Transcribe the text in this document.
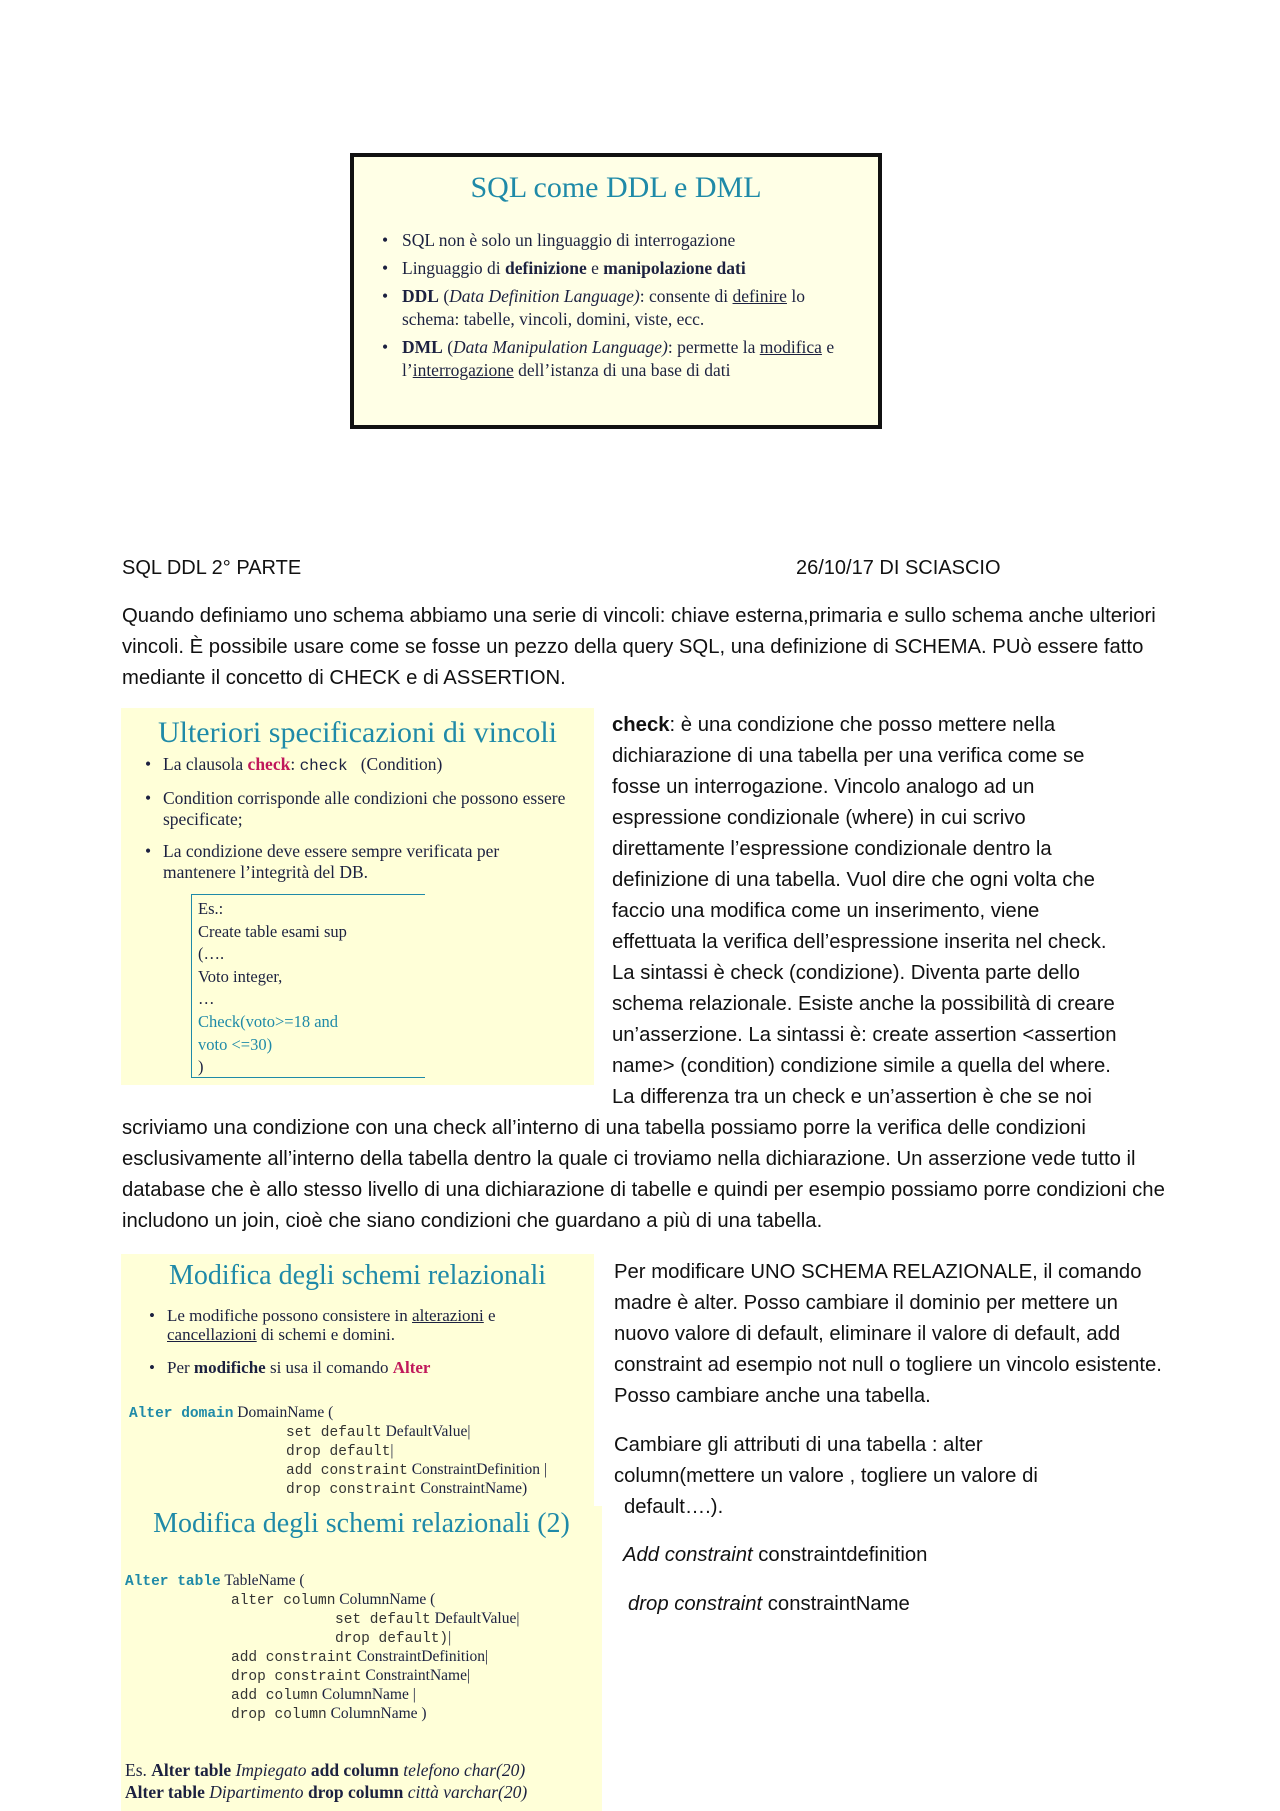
SQL come DDL e DML
• SQL non è solo un linguaggio di interrogazione
• Linguaggio di definizione e manipolazione dati
• DDL (Data Definition Language): consente di definire lo schema: tabelle, vincoli, domini, viste, ecc.
• DML (Data Manipulation Language): permette la modifica e l’interrogazione dell’istanza di una base di dati
SQL DDL 2° PARTE	26/10/17 DI SCIASCIO
Quando definiamo uno schema abbiamo una serie di vincoli: chiave esterna,primaria e sullo schema anche ulteriori vincoli. È possibile usare come se fosse un pezzo della query SQL, una definizione di SCHEMA. PUò essere fatto mediante il concetto di CHECK e di ASSERTION.
Ulteriori specificazioni di vincoli
• La clausola check: check   (Condition)
• Condition corrisponde alle condizioni che possono essere specificate;
• La condizione deve essere sempre verificata per mantenere l’integrità del DB.
Es.:
Create table esami sup
(….
Voto integer,
…
Check(voto>=18 and
voto <=30)
)
check: è una condizione che posso mettere nella
dichiarazione di una tabella per una verifica come se
fosse un interrogazione. Vincolo analogo ad un
espressione condizionale (where) in cui scrivo
direttamente l’espressione condizionale dentro la
definizione di una tabella. Vuol dire che ogni volta che
faccio una modifica come un inserimento, viene
effettuata la verifica dell’espressione inserita nel check.
La sintassi è check (condizione). Diventa parte dello
schema relazionale. Esiste anche la possibilità di creare
un’asserzione. La sintassi è: create assertion <assertion
name> (condition) condizione simile a quella del where.
La differenza tra un check e un’assertion è che se noi
scriviamo una condizione con una check all’interno di una tabella possiamo porre la verifica delle condizioni esclusivamente all’interno della tabella dentro la quale ci troviamo nella dichiarazione. Un asserzione vede tutto il database che è allo stesso livello di una dichiarazione di tabelle e quindi per esempio possiamo porre condizioni che includono un join, cioè che siano condizioni che guardano a più di una tabella.
Modifica degli schemi relazionali
• Le modifiche possono consistere in alterazioni e cancellazioni di schemi e domini.
• Per modifiche si usa il comando Alter
Alter domain DomainName (
set default DefaultValue|
drop default|
add constraint ConstraintDefinition |
drop constraint ConstraintName)
Modifica degli schemi relazionali (2)
Alter table TableName (
alter column ColumnName (
set default DefaultValue|
drop default)|
add constraint ConstraintDefinition|
drop constraint ConstraintName|
add column ColumnName |
drop column ColumnName )
Es. Alter table Impiegato add column telefono char(20)
Alter table Dipartimento drop column città varchar(20)
Per modificare UNO SCHEMA RELAZIONALE, il comando madre è alter. Posso cambiare il dominio per mettere un nuovo valore di default, eliminare il valore di default, add constraint ad esempio not null o togliere un vincolo esistente. Posso cambiare anche una tabella.
Cambiare gli attributi di una tabella : alter column(mettere un valore , togliere un valore di
default….).
Add constraint constraintdefinition
drop constraint constraintName
